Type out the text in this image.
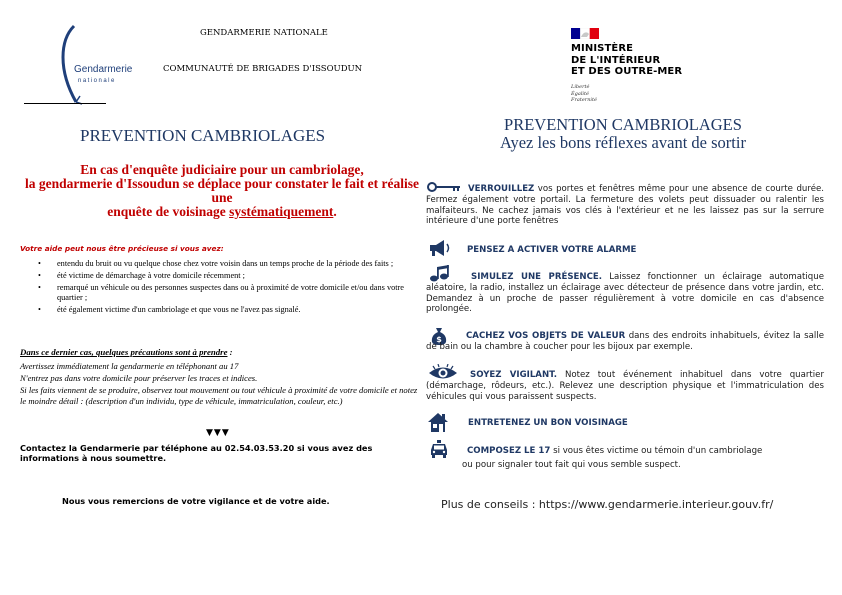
Gendarmerie
nationale
GENDARMERIE NATIONALE
COMMUNAUTÉ DE BRIGADES D'ISSOUDUN
MINISTÈRE
DE L'INTÉRIEUR
ET DES OUTRE-MER
Liberté
Égalité
Fraternité
PREVENTION CAMBRIOLAGES
En cas d'enquête judiciaire pour un cambriolage,
la gendarmerie d'Issoudun se déplace pour constater le fait et réalise une
enquête de voisinage systématiquement.
Votre aide peut nous être précieuse si vous avez:
• entendu du bruit ou vu quelque chose chez votre voisin dans un temps proche de la période des faits ;
• été victime de démarchage à votre domicile récemment ;
• remarqué un véhicule ou des personnes suspectes dans ou à proximité de votre domicile et/ou dans votre quartier ;
• été également victime d'un cambriolage et que vous ne l'avez pas signalé.
Dans ce dernier cas, quelques précautions sont à prendre :
Avertissez immédiatement la gendarmerie en téléphonant au 17
N'entrez pas dans votre domicile pour préserver les traces et indices.
Si les faits viennent de se produire, observez tout mouvement ou tout véhicule à proximité de votre domicile et notez le moindre détail : (description d'un individu, type de véhicule, immatriculation, couleur, etc.)
▼▼▼
Contactez la Gendarmerie par téléphone au 02.54.03.53.20 si vous avez des informations à nous soumettre.
Nous vous remercions de votre vigilance et de votre aide.
PREVENTION CAMBRIOLAGES
Ayez les bons réflexes avant de sortir
VERROUILLEZ vos portes et fenêtres même pour une absence de courte durée. Fermez également votre portail. La fermeture des volets peut dissuader ou ralentir les malfaiteurs. Ne cachez jamais vos clés à l'extérieur et ne les laissez pas sur la serrure intérieure d'une porte fenêtres
PENSEZ A ACTIVER VOTRE ALARME
SIMULEZ UNE PRÉSENCE. Laissez fonctionner un éclairage automatique aléatoire, la radio, installez un éclairage avec détecteur de présence dans votre jardin, etc. Demandez à un proche de passer régulièrement à votre domicile en cas d'absence prolongée.
$	CACHEZ VOS OBJETS DE VALEUR dans des endroits inhabituels, évitez la salle de bain ou la chambre à coucher pour les bijoux par exemple.
SOYEZ VIGILANT. Notez tout événement inhabituel dans votre quartier (démarchage, rôdeurs, etc.). Relevez une description physique et l'immatriculation des véhicules qui vous paraissent suspects.
ENTRETENEZ UN BON VOISINAGE
COMPOSEZ LE 17 si vous êtes victime ou témoin d'un cambriolage
ou pour signaler tout fait qui vous semble suspect.
Plus de conseils : https://www.gendarmerie.interieur.gouv.fr/
